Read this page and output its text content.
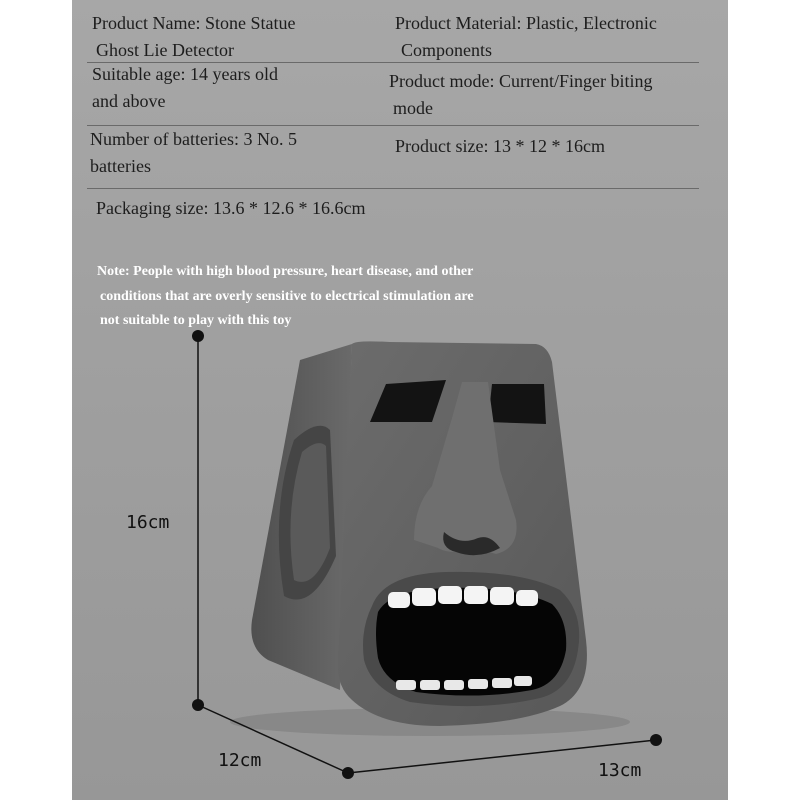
Product Name: Stone Statue
Ghost Lie Detector
Product Material: Plastic, Electronic
Components
Suitable age: 14 years old
and above
Product mode: Current/Finger biting
mode
Number of batteries: 3 No. 5
batteries
Product size: 13 * 12 * 16cm
Packaging size: 13.6 * 12.6 * 16.6cm
Note: People with high blood pressure, heart disease, and other
conditions that are overly sensitive to electrical stimulation are
not suitable to play with this toy
16cm
12cm	13cm
